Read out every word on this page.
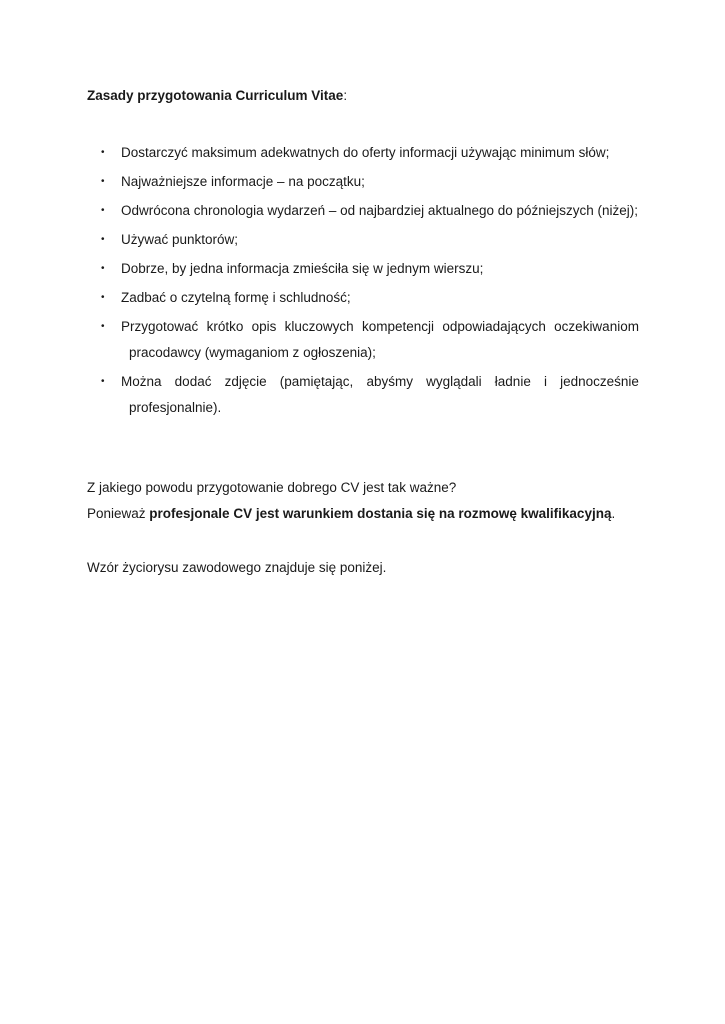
Zasady przygotowania Curriculum Vitae:
• Dostarczyć maksimum adekwatnych do oferty informacji używając minimum słów;
• Najważniejsze informacje – na początku;
• Odwrócona chronologia wydarzeń – od najbardziej aktualnego do późniejszych (niżej);
• Używać punktorów;
• Dobrze, by jedna informacja zmieściła się w jednym wierszu;
• Zadbać o czytelną formę i schludność;
• Przygotować krótko opis kluczowych kompetencji odpowiadających oczekiwaniom
pracodawcy (wymaganiom z ogłoszenia);
• Można dodać zdjęcie (pamiętając, abyśmy wyglądali ładnie i jednocześnie
profesjonalnie).
Z jakiego powodu przygotowanie dobrego CV jest tak ważne?
Ponieważ profesjonale CV jest warunkiem dostania się na rozmowę kwalifikacyjną.
Wzór życiorysu zawodowego znajduje się poniżej.
